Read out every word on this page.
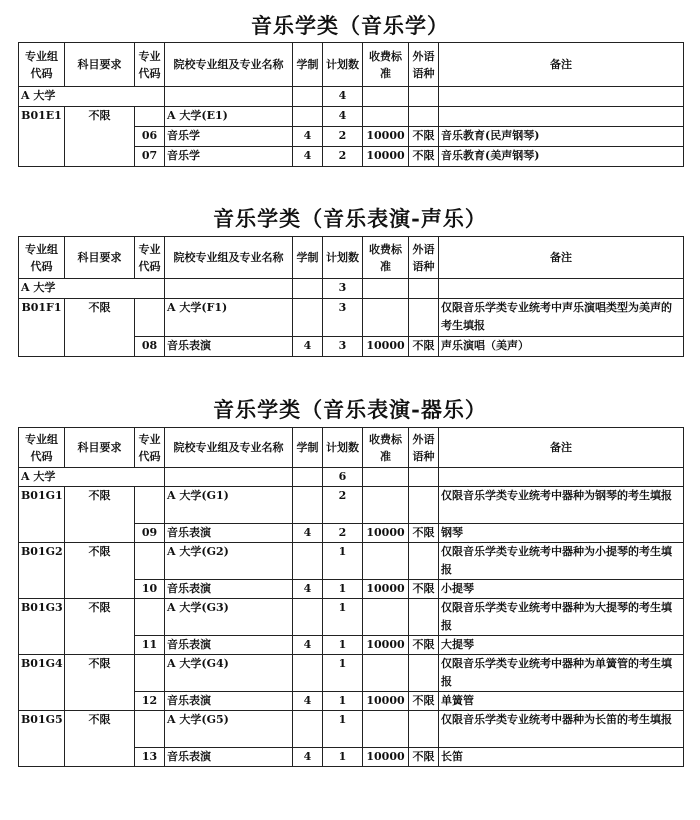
音乐学类（音乐学）
专业组代码	科目要求	专业代码	院校专业组及专业名称	学制	计划数	收费标准	外语语种	备注
A 大学					4			
B01E1	不限		A 大学(E1)		4			
		06	音乐学	4	2	10000	不限	音乐教育(民声钢琴)
		07	音乐学	4	2	10000	不限	音乐教育(美声钢琴)
音乐学类（音乐表演-声乐）
专业组代码	科目要求	专业代码	院校专业组及专业名称	学制	计划数	收费标准	外语语种	备注
A 大学					3			
B01F1	不限		A 大学(F1)		3			仅限音乐学类专业统考中声乐演唱类型为美声的考生填报
		08	音乐表演	4	3	10000	不限	声乐演唱（美声）
音乐学类（音乐表演-器乐）
专业组代码	科目要求	专业代码	院校专业组及专业名称	学制	计划数	收费标准	外语语种	备注
A 大学					6			
B01G1	不限		A 大学(G1)		2			仅限音乐学类专业统考中器种为钢琴的考生填报
		09	音乐表演	4	2	10000	不限	钢琴
B01G2	不限		A 大学(G2)		1			仅限音乐学类专业统考中器种为小提琴的考生填报
		10	音乐表演	4	1	10000	不限	小提琴
B01G3	不限		A 大学(G3)		1			仅限音乐学类专业统考中器种为大提琴的考生填报
		11	音乐表演	4	1	10000	不限	大提琴
B01G4	不限		A 大学(G4)		1			仅限音乐学类专业统考中器种为单簧管的考生填报
		12	音乐表演	4	1	10000	不限	单簧管
B01G5	不限		A 大学(G5)		1			仅限音乐学类专业统考中器种为长笛的考生填报
		13	音乐表演	4	1	10000	不限	长笛
